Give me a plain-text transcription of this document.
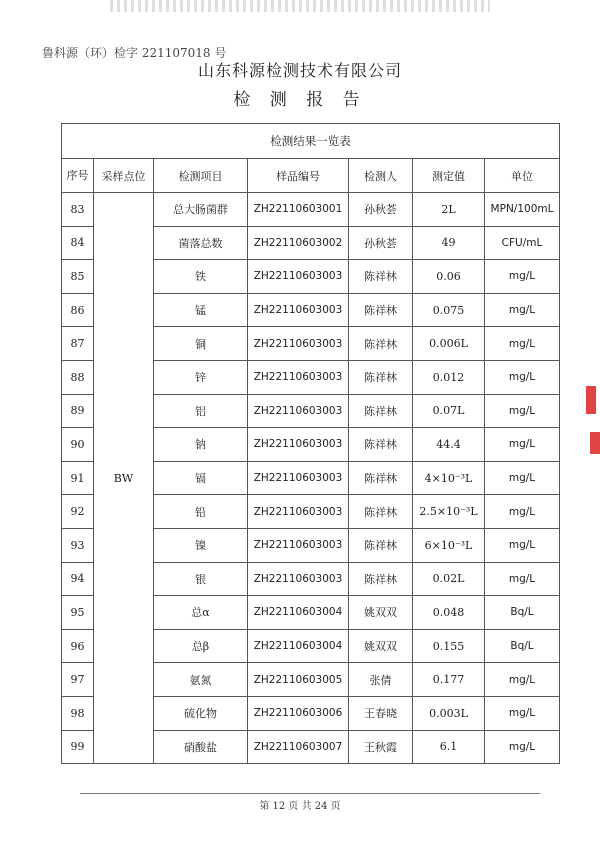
鲁科源（环）检字 221107018 号
山东科源检测技术有限公司
检 测 报 告
检测结果一览表						
序号	采样点位	检测项目	样品编号	检测人	测定值	单位
83	BW	总大肠菌群	ZH22110603001	孙秋荟	2L	MPN/100mL
84		菌落总数	ZH22110603002	孙秋荟	49	CFU/mL
85		铁	ZH22110603003	陈祥林	0.06	mg/L
86		锰	ZH22110603003	陈祥林	0.075	mg/L
87		铜	ZH22110603003	陈祥林	0.006L	mg/L
88		锌	ZH22110603003	陈祥林	0.012	mg/L
89		铝	ZH22110603003	陈祥林	0.07L	mg/L
90		钠	ZH22110603003	陈祥林	44.4	mg/L
91		镉	ZH22110603003	陈祥林	4×10⁻³L	mg/L
92		铅	ZH22110603003	陈祥林	2.5×10⁻³L	mg/L
93		镍	ZH22110603003	陈祥林	6×10⁻³L	mg/L
94		银	ZH22110603003	陈祥林	0.02L	mg/L
95		总α	ZH22110603004	姚双双	0.048	Bq/L
96		总β	ZH22110603004	姚双双	0.155	Bq/L
97		氨氮	ZH22110603005	张倩	0.177	mg/L
98		硫化物	ZH22110603006	王春晓	0.003L	mg/L
99		硝酸盐	ZH22110603007	王秋霞	6.1	mg/L
第 12 页 共 24 页
